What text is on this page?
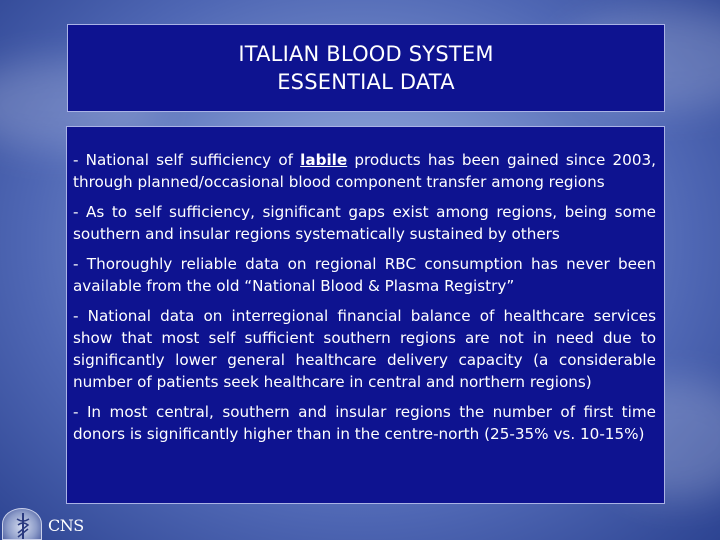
ITALIAN BLOOD SYSTEM
ESSENTIAL DATA

- National self sufficiency of labile products has been gained since 2003, through planned/occasional blood component transfer among regions

- As to self sufficiency, significant gaps exist among regions, being some southern and insular regions systematically sustained by others

- Thoroughly reliable data on regional RBC consumption has never been available from the old “National Blood & Plasma Registry”

- National data on interregional financial balance of healthcare services show that most self sufficient southern regions are not in need due to significantly lower general healthcare delivery capacity (a considerable number of patients seek healthcare in central and northern regions)

- In most central, southern and insular regions the number of first time donors is significantly higher than in the centre-north (25-35% vs. 10-15%)

CNS
